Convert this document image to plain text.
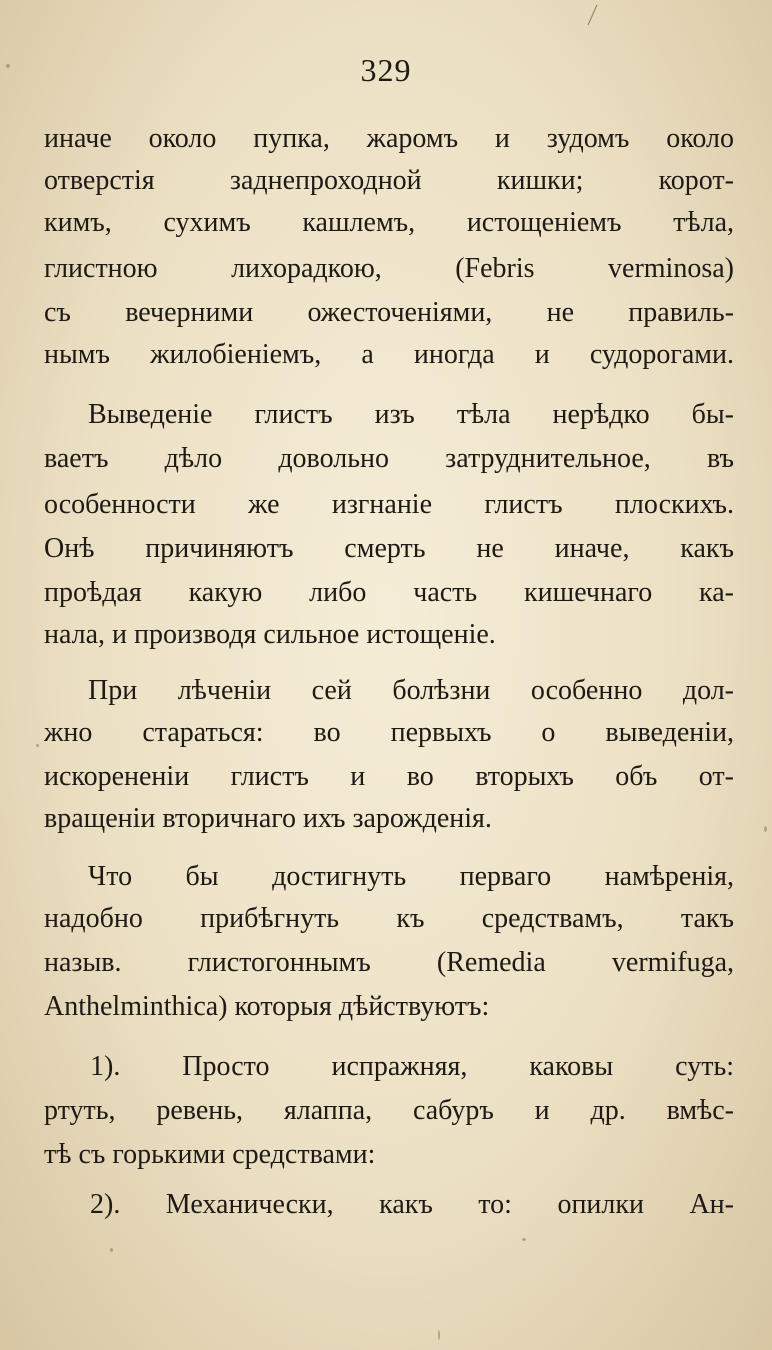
329
иначе около пупка, жаромъ и зудомъ около
отверстія заднепроходной кишки; корот-
кимъ, сухимъ кашлемъ, истощеніемъ тѣла,
глистною лихорадкою, (Febris verminosa)
съ вечерними ожесточеніями, не правиль-
нымъ жилобіеніемъ, а иногда и судорогами.
Выведеніе глистъ изъ тѣла нерѣдко бы-
ваетъ дѣло довольно затруднительное, въ
особенности же изгнаніе глистъ плоскихъ.
Онѣ причиняютъ смерть не иначе, какъ
проѣдая какую либо часть кишечнаго ка-
нала, и производя сильное истощеніе.
При лѣченіи сей болѣзни особенно дол-
жно стараться: во первыхъ о выведеніи,
искорененіи глистъ и во вторыхъ объ от-
вращеніи вторичнаго ихъ зарожденія.
Что бы достигнуть перваго намѣренія,
надобно прибѣгнуть къ средствамъ, такъ
назыв. глистогоннымъ (Remedia vermifuga,
Anthelminthica) которыя дѣйствуютъ:
1). Просто испражняя, каковы суть:
ртуть, ревень, ялаппа, сабуръ и др. вмѣс-
тѣ съ горькими средствами:
2). Механически, какъ то: опилки Ан-
